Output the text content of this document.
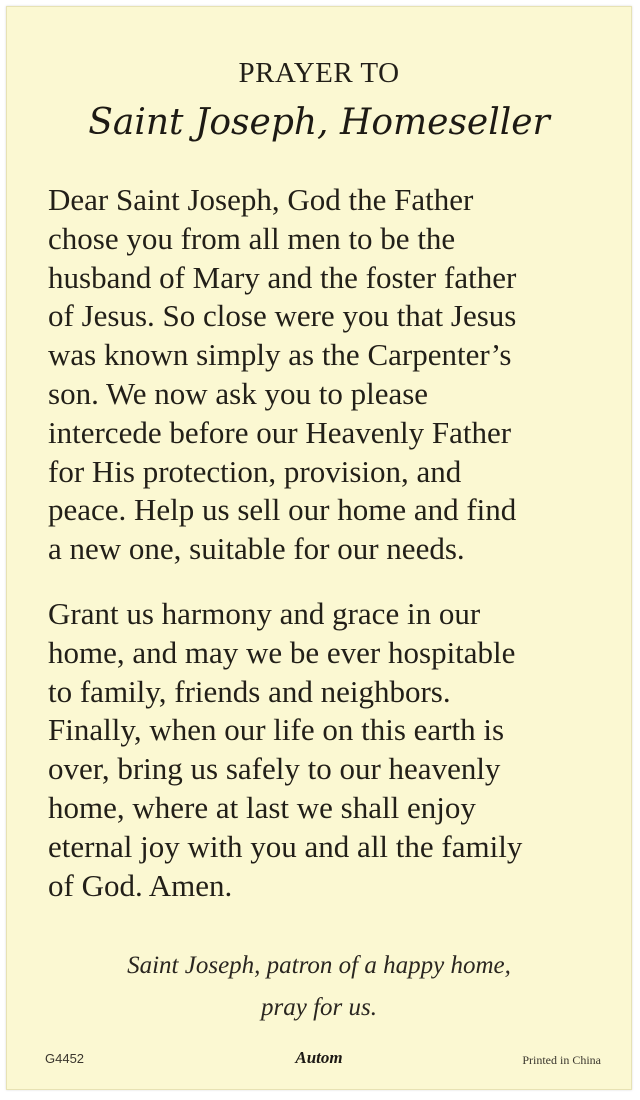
PRAYER TO
Saint Joseph, Homeseller

Dear Saint Joseph, God the Father
chose you from all men to be the
husband of Mary and the foster father
of Jesus. So close were you that Jesus
was known simply as the Carpenter’s
son. We now ask you to please
intercede before our Heavenly Father
for His protection, provision, and
peace. Help us sell our home and find
a new one, suitable for our needs.

Grant us harmony and grace in our
home, and may we be ever hospitable
to family, friends and neighbors.
Finally, when our life on this earth is
over, bring us safely to our heavenly
home, where at last we shall enjoy
eternal joy with you and all the family
of God. Amen.

Saint Joseph, patron of a happy home,
pray for us.
G4452	Autom	Printed in China
